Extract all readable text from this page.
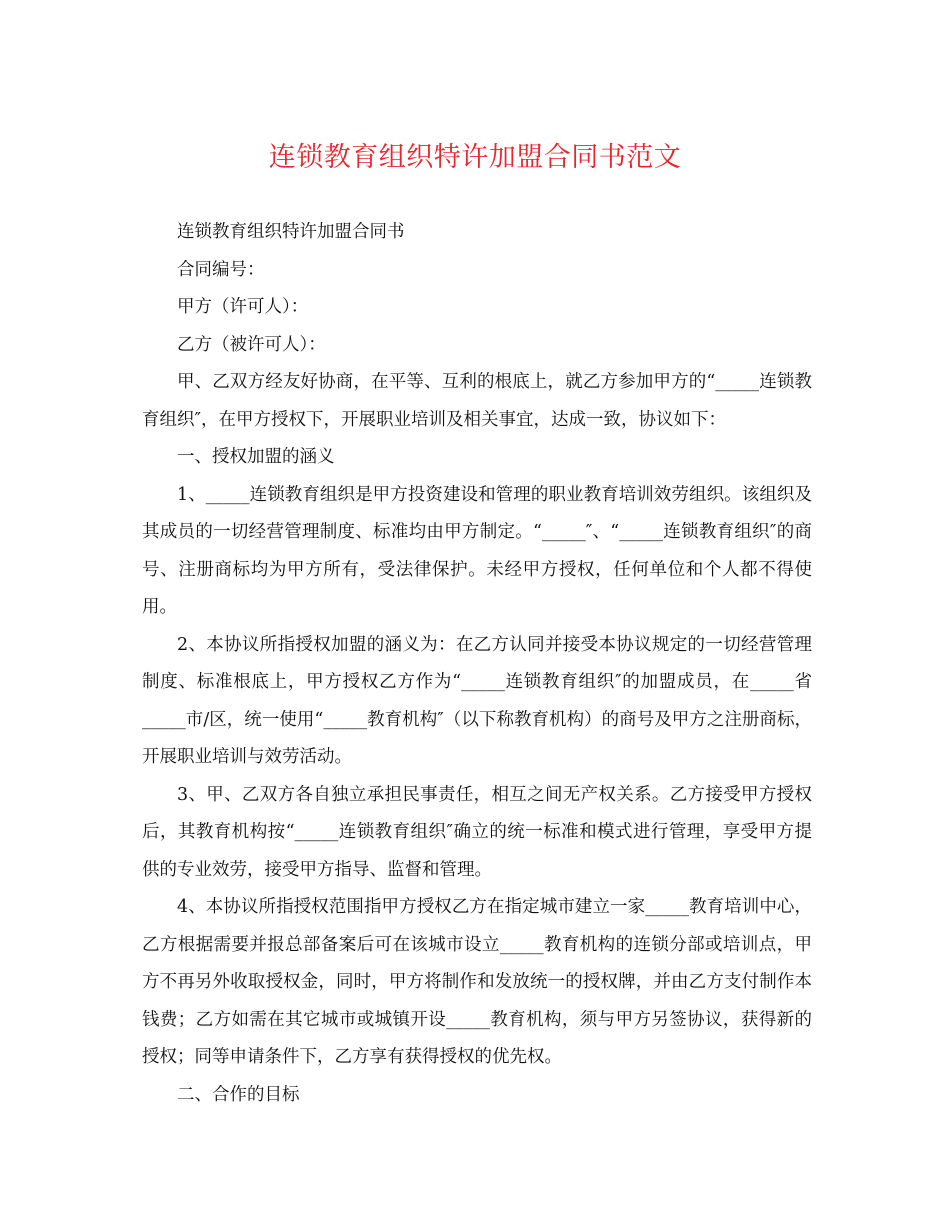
连锁教育组织特许加盟合同书范文

连锁教育组织特许加盟合同书

合同编号：

甲方（许可人）：

乙方（被许可人）：

甲、乙双方经友好协商，在平等、互利的根底上，就乙方参加甲方的“_____连锁教育组织″，在甲方授权下，开展职业培训及相关事宜，达成一致，协议如下：

一、授权加盟的涵义

1、_____连锁教育组织是甲方投资建设和管理的职业教育培训效劳组织。该组织及其成员的一切经营管理制度、标准均由甲方制定。“_____″、“_____连锁教育组织″的商号、注册商标均为甲方所有，受法律保护。未经甲方授权，任何单位和个人都不得使用。

2、本协议所指授权加盟的涵义为：在乙方认同并接受本协议规定的一切经营管理制度、标准根底上，甲方授权乙方作为“_____连锁教育组织″的加盟成员，在_____省_____市/区，统一使用“_____教育机构″（以下称教育机构）的商号及甲方之注册商标，开展职业培训与效劳活动。

3、甲、乙双方各自独立承担民事责任，相互之间无产权关系。乙方接受甲方授权后，其教育机构按“_____连锁教育组织″确立的统一标准和模式进行管理，享受甲方提供的专业效劳，接受甲方指导、监督和管理。

4、本协议所指授权范围指甲方授权乙方在指定城市建立一家_____教育培训中心，乙方根据需要并报总部备案后可在该城市设立_____教育机构的连锁分部或培训点，甲方不再另外收取授权金，同时，甲方将制作和发放统一的授权牌，并由乙方支付制作本钱费；乙方如需在其它城市或城镇开设_____教育机构，须与甲方另签协议，获得新的授权；同等申请条件下，乙方享有获得授权的优先权。

二、合作的目标
